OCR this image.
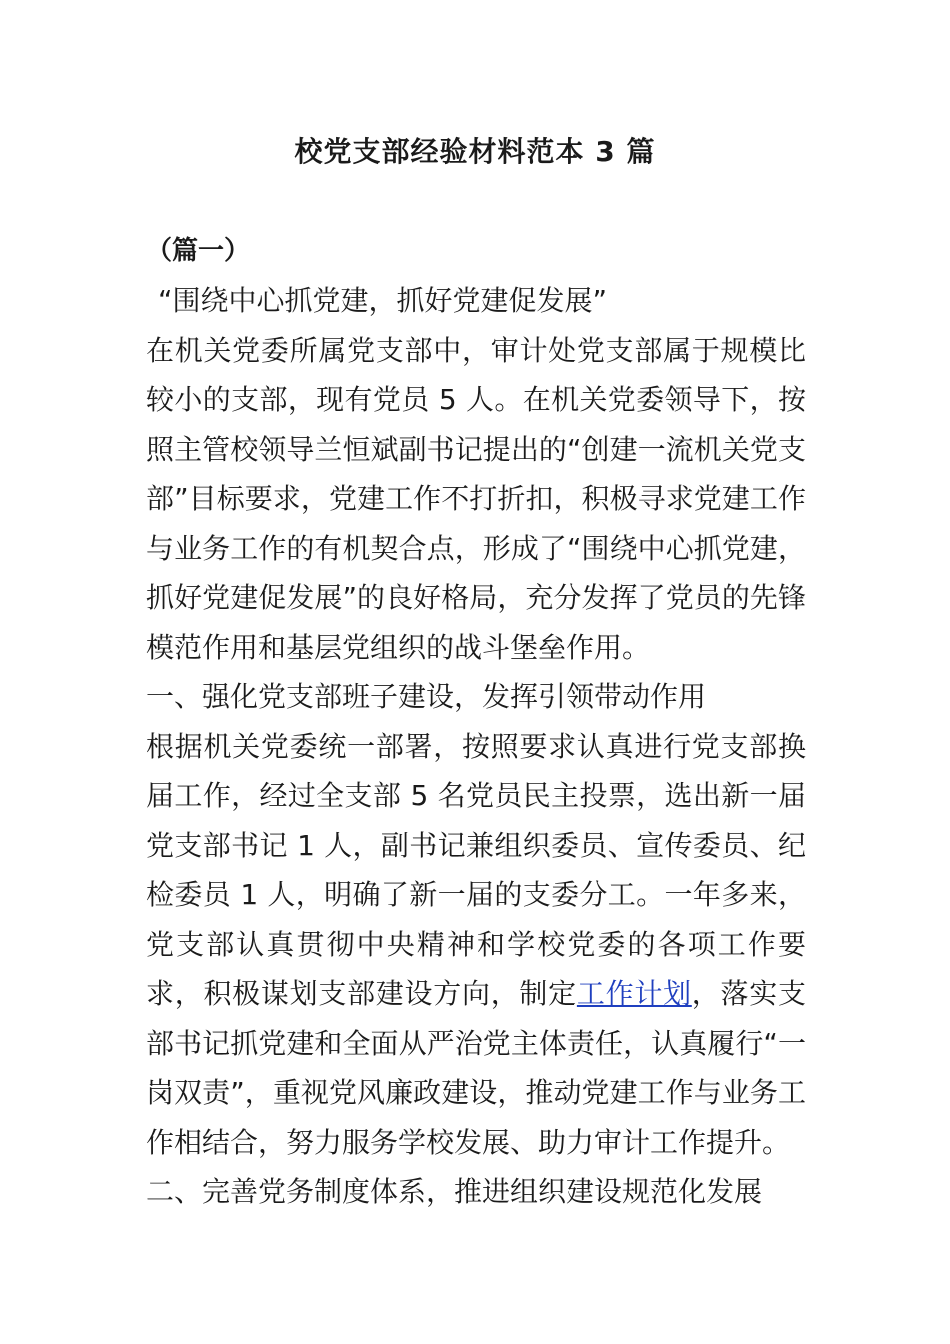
校党支部经验材料范本 3 篇
（篇一）

“围绕中心抓党建，抓好党建促发展”

在机关党委所属党支部中，审计处党支部属于规模比较小的支部，现有党员 5 人。在机关党委领导下，按照主管校领导兰恒斌副书记提出的“创建一流机关党支部”目标要求，党建工作不打折扣，积极寻求党建工作与业务工作的有机契合点，形成了“围绕中心抓党建，抓好党建促发展”的良好格局，充分发挥了党员的先锋模范作用和基层党组织的战斗堡垒作用。

一、强化党支部班子建设，发挥引领带动作用

根据机关党委统一部署，按照要求认真进行党支部换届工作，经过全支部 5 名党员民主投票，选出新一届党支部书记 1 人，副书记兼组织委员、宣传委员、纪检委员 1 人，明确了新一届的支委分工。一年多来，党支部认真贯彻中央精神和学校党委的各项工作要求，积极谋划支部建设方向，制定工作计划，落实支部书记抓党建和全面从严治党主体责任，认真履行“一岗双责”，重视党风廉政建设，推动党建工作与业务工作相结合，努力服务学校发展、助力审计工作提升。

二、完善党务制度体系，推进组织建设规范化发展
